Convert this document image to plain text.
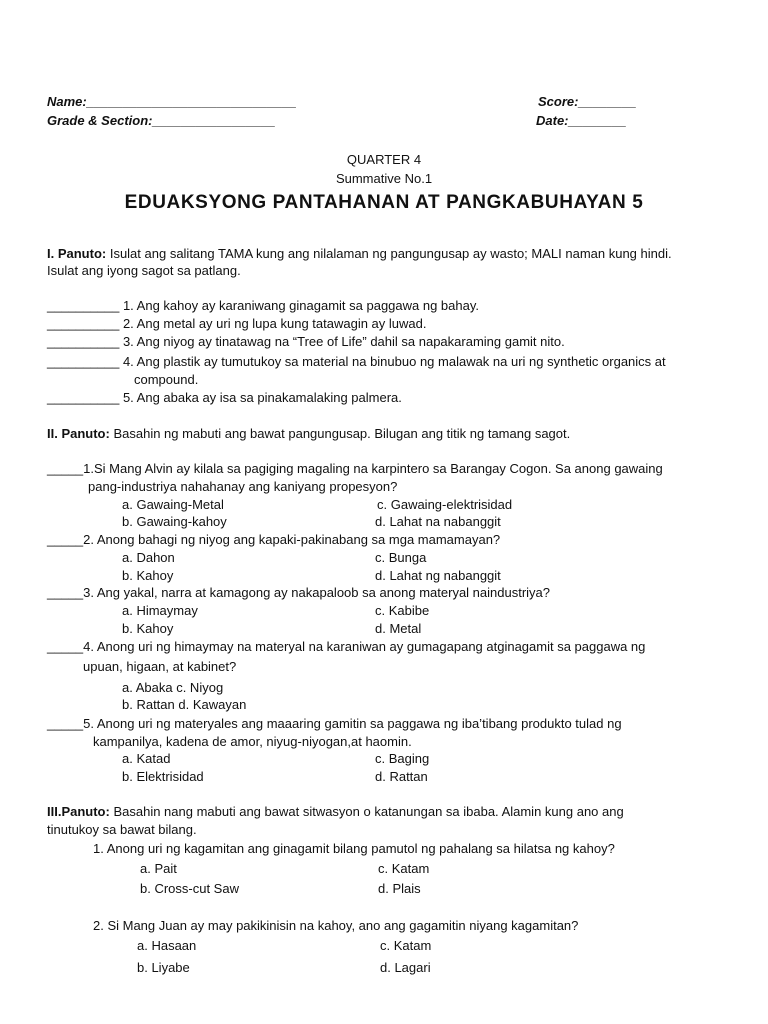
Name:_____________________________	Score:________
Grade & Section:_________________	Date:________
QUARTER 4
Summative No.1
EDUAKSYONG PANTAHANAN AT PANGKABUHAYAN 5
I. Panuto: Isulat ang salitang TAMA kung ang nilalaman ng pangungusap ay wasto; MALI naman kung hindi.
Isulat ang iyong sagot sa patlang.
__________ 1. Ang kahoy ay karaniwang ginagamit sa paggawa ng bahay.
__________ 2. Ang metal ay uri ng lupa kung tatawagin ay luwad.
__________ 3. Ang niyog ay tinatawag na “Tree of Life” dahil sa napakaraming gamit nito.
__________ 4. Ang plastik ay tumutukoy sa material na binubuo ng malawak na uri ng synthetic organics at
compound.
__________ 5. Ang abaka ay isa sa pinakamalaking palmera.
II. Panuto: Basahin ng mabuti ang bawat pangungusap. Bilugan ang titik ng tamang sagot.
_____1.Si Mang Alvin ay kilala sa pagiging magaling na karpintero sa Barangay Cogon. Sa anong gawaing
pang-industriya nahahanay ang kaniyang propesyon?
a. Gawaing-Metal	c. Gawaing-elektrisidad
b. Gawaing-kahoy	d. Lahat na nabanggit
_____2. Anong bahagi ng niyog ang kapaki-pakinabang sa mga mamamayan?
a. Dahon	c. Bunga
b. Kahoy	d. Lahat ng nabanggit
_____3. Ang yakal, narra at kamagong ay nakapaloob sa anong materyal naindustriya?
a. Himaymay	c. Kabibe
b. Kahoy	d. Metal
_____4. Anong uri ng himaymay na materyal na karaniwan ay gumagapang atginagamit sa paggawa ng
upuan, higaan, at kabinet?
a. Abaka c. Niyog
b. Rattan d. Kawayan
_____5. Anong uri ng materyales ang maaaring gamitin sa paggawa ng iba’tibang produkto tulad ng
kampanilya, kadena de amor, niyug-niyogan,at haomin.
a. Katad	c. Baging
b. Elektrisidad	d. Rattan
III.Panuto: Basahin nang mabuti ang bawat sitwasyon o katanungan sa ibaba. Alamin kung ano ang
tinutukoy sa bawat bilang.
1. Anong uri ng kagamitan ang ginagamit bilang pamutol ng pahalang sa hilatsa ng kahoy?
a. Pait	c. Katam
b. Cross-cut Saw	d. Plais
2. Si Mang Juan ay may pakikinisin na kahoy, ano ang gagamitin niyang kagamitan?
a. Hasaan	c. Katam
b. Liyabe	d. Lagari
